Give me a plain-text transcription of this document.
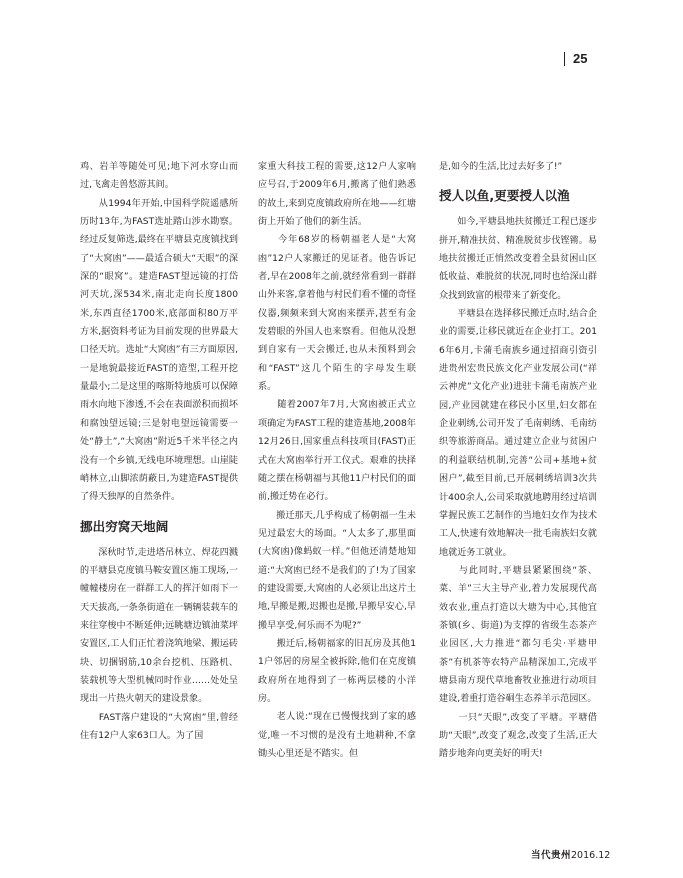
25

鸡、岩羊等随处可见;地下河水穿山而过,飞禽走兽悠游其间。

　　从1994年开始,中国科学院遥感所历时13年,为FAST选址踏山涉水勘察。经过反复筛选,最终在平塘县克度镇找到了“大窝凼”——最适合硕大“天眼”的深深的“眼窝”。建造FAST望远镜的打岱河天坑,深534米,南北走向长度1800米,东西直径1700米,底部面积80万平方米,据资料考证为目前发现的世界最大口径天坑。选址“大窝凼”有三方面原因,一是地貌最接近FAST的造型,工程开挖量最小;二是这里的喀斯特地质可以保障雨水向地下渗透,不会在表面淤积而损坏和腐蚀望远镜;三是射电望远镜需要一处“静土”,“大窝凼”附近5千米半径之内没有一个乡镇,无线电环境理想。山崖陡峭林立,山脚浓荫蔽日,为建造FAST提供了得天独厚的自然条件。

挪出穷窝天地阔

　　深秋时节,走进塔吊林立、焊花四溅的平塘县克度镇马鞍安置区施工现场,一幢幢楼房在一群群工人的挥汗如雨下一天天拔高,一条条街道在一辆辆装载车的来往穿梭中不断延伸;远眺塘边镇油菜坪安置区,工人们正忙着浇筑地梁、搬运砖块、切捆钢筋,10余台挖机、压路机、装载机等大型机械同时作业……处处呈现出一片热火朝天的建设景象。

　　FAST落户建设的“大窝凼”里,曾经住有12户人家63口人。为了国

家重大科技工程的需要,这12户人家响应号召,于2009年6月,搬离了他们熟悉的故土,来到克度镇政府所在地——红塘街上开始了他们的新生活。

　　今年68岁的杨朝福老人是“大窝凼”12户人家搬迁的见证者。他告诉记者,早在2008年之前,就经常看到一群群山外来客,拿着他与村民们看不懂的奇怪仪器,频频来到大窝凼来摆弄,甚至有金发碧眼的外国人也来察看。但他从没想到自家有一天会搬迁,也从未预料到会和“FAST”这几个陌生的字母发生联系。

　　随着2007年7月,大窝凼被正式立项确定为FAST工程的建造基地,2008年12月26日,国家重点科技项目(FAST)正式在大窝凼举行开工仪式。艰难的抉择随之摆在杨朝福与其他11户村民们的面前,搬迁势在必行。

　　搬迁那天,几乎构成了杨朝福一生未见过最宏大的场面。“人太多了,那里面(大窝凼)像蚂蚁一样。”但他还清楚地知道:“大窝凼已经不是我们的了!为了国家的建设需要,大窝凼的人必须让出这片土地,早搬是搬,迟搬也是搬,早搬早安心,早搬早享受,何乐而不为呢?”

　　搬迁后,杨朝福家的旧瓦房及其他11户邻居的房屋全被拆除,他们在克度镇政府所在地得到了一栋两层楼的小洋房。

　　老人说:“现在已慢慢找到了家的感觉,唯一不习惯的是没有土地耕种,不拿锄头心里还是不踏实。但

是,如今的生活,比过去好多了!”

授人以鱼,更要授人以渔

　　如今,平塘县地扶贫搬迁工程已逐步拼开,精准扶贫、精准脱贫步伐铿锵。易地扶贫搬迁正悄然改变着全县贫困山区低收益、难脱贫的状况,同时也给深山群众找到致富的根带来了新变化。

　　平塘县在选择移民搬迁点时,结合企业的需要,让移民就近在企业打工。2016年6月,卡蒲毛南族乡通过招商引资引进贵州宏贵民族文化产业发展公司(“祥云神虎”文化产业)进驻卡蒲毛南族产业园,产业园就建在移民小区里,妇女都在企业刺绣,公司开发了毛南刺绣、毛南纺织等旅游商品。通过建立企业与贫困户的利益联结机制,完善“公司+基地+贫困户”,截至目前,已开展刺绣培训3次共计400余人,公司采取就地聘用经过培训掌握民族工艺制作的当地妇女作为技术工人,快速有效地解决一批毛南族妇女就地就近务工就业。

　　与此同时,平塘县紧紧围绕“茶、菜、羊”三大主导产业,着力发展现代高效农业,重点打造以大塘为中心,其他宜茶镇(乡、街道)为支撑的省级生态茶产业园区,大力推进“都匀毛尖·平塘甲茶”有机茶等农特产品精深加工,完成平塘县南方现代草地畜牧业推进行动项目建设,着重打造谷硐生态养羊示范园区。

　　一只“天眼”,改变了平塘。平塘借助“天眼”,改变了观念,改变了生活,正大踏步地奔向更美好的明天!

当代贵州2016.12
